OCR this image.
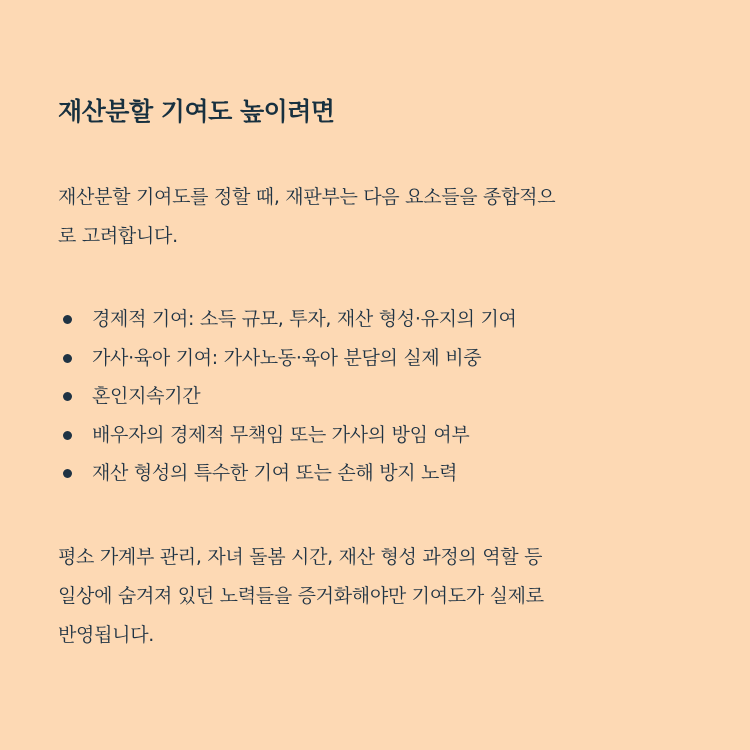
재산분할 기여도 높이려면

재산분할 기여도를 정할 때, 재판부는 다음 요소들을 종합적으
로 고려합니다.

경제적 기여: 소득 규모, 투자, 재산 형성·유지의 기여
가사·육아 기여: 가사노동·육아 분담의 실제 비중
혼인지속기간
배우자의 경제적 무책임 또는 가사의 방임 여부
재산 형성의 특수한 기여 또는 손해 방지 노력

평소 가계부 관리, 자녀 돌봄 시간, 재산 형성 과정의 역할 등
일상에 숨겨져 있던 노력들을 증거화해야만 기여도가 실제로
반영됩니다.
